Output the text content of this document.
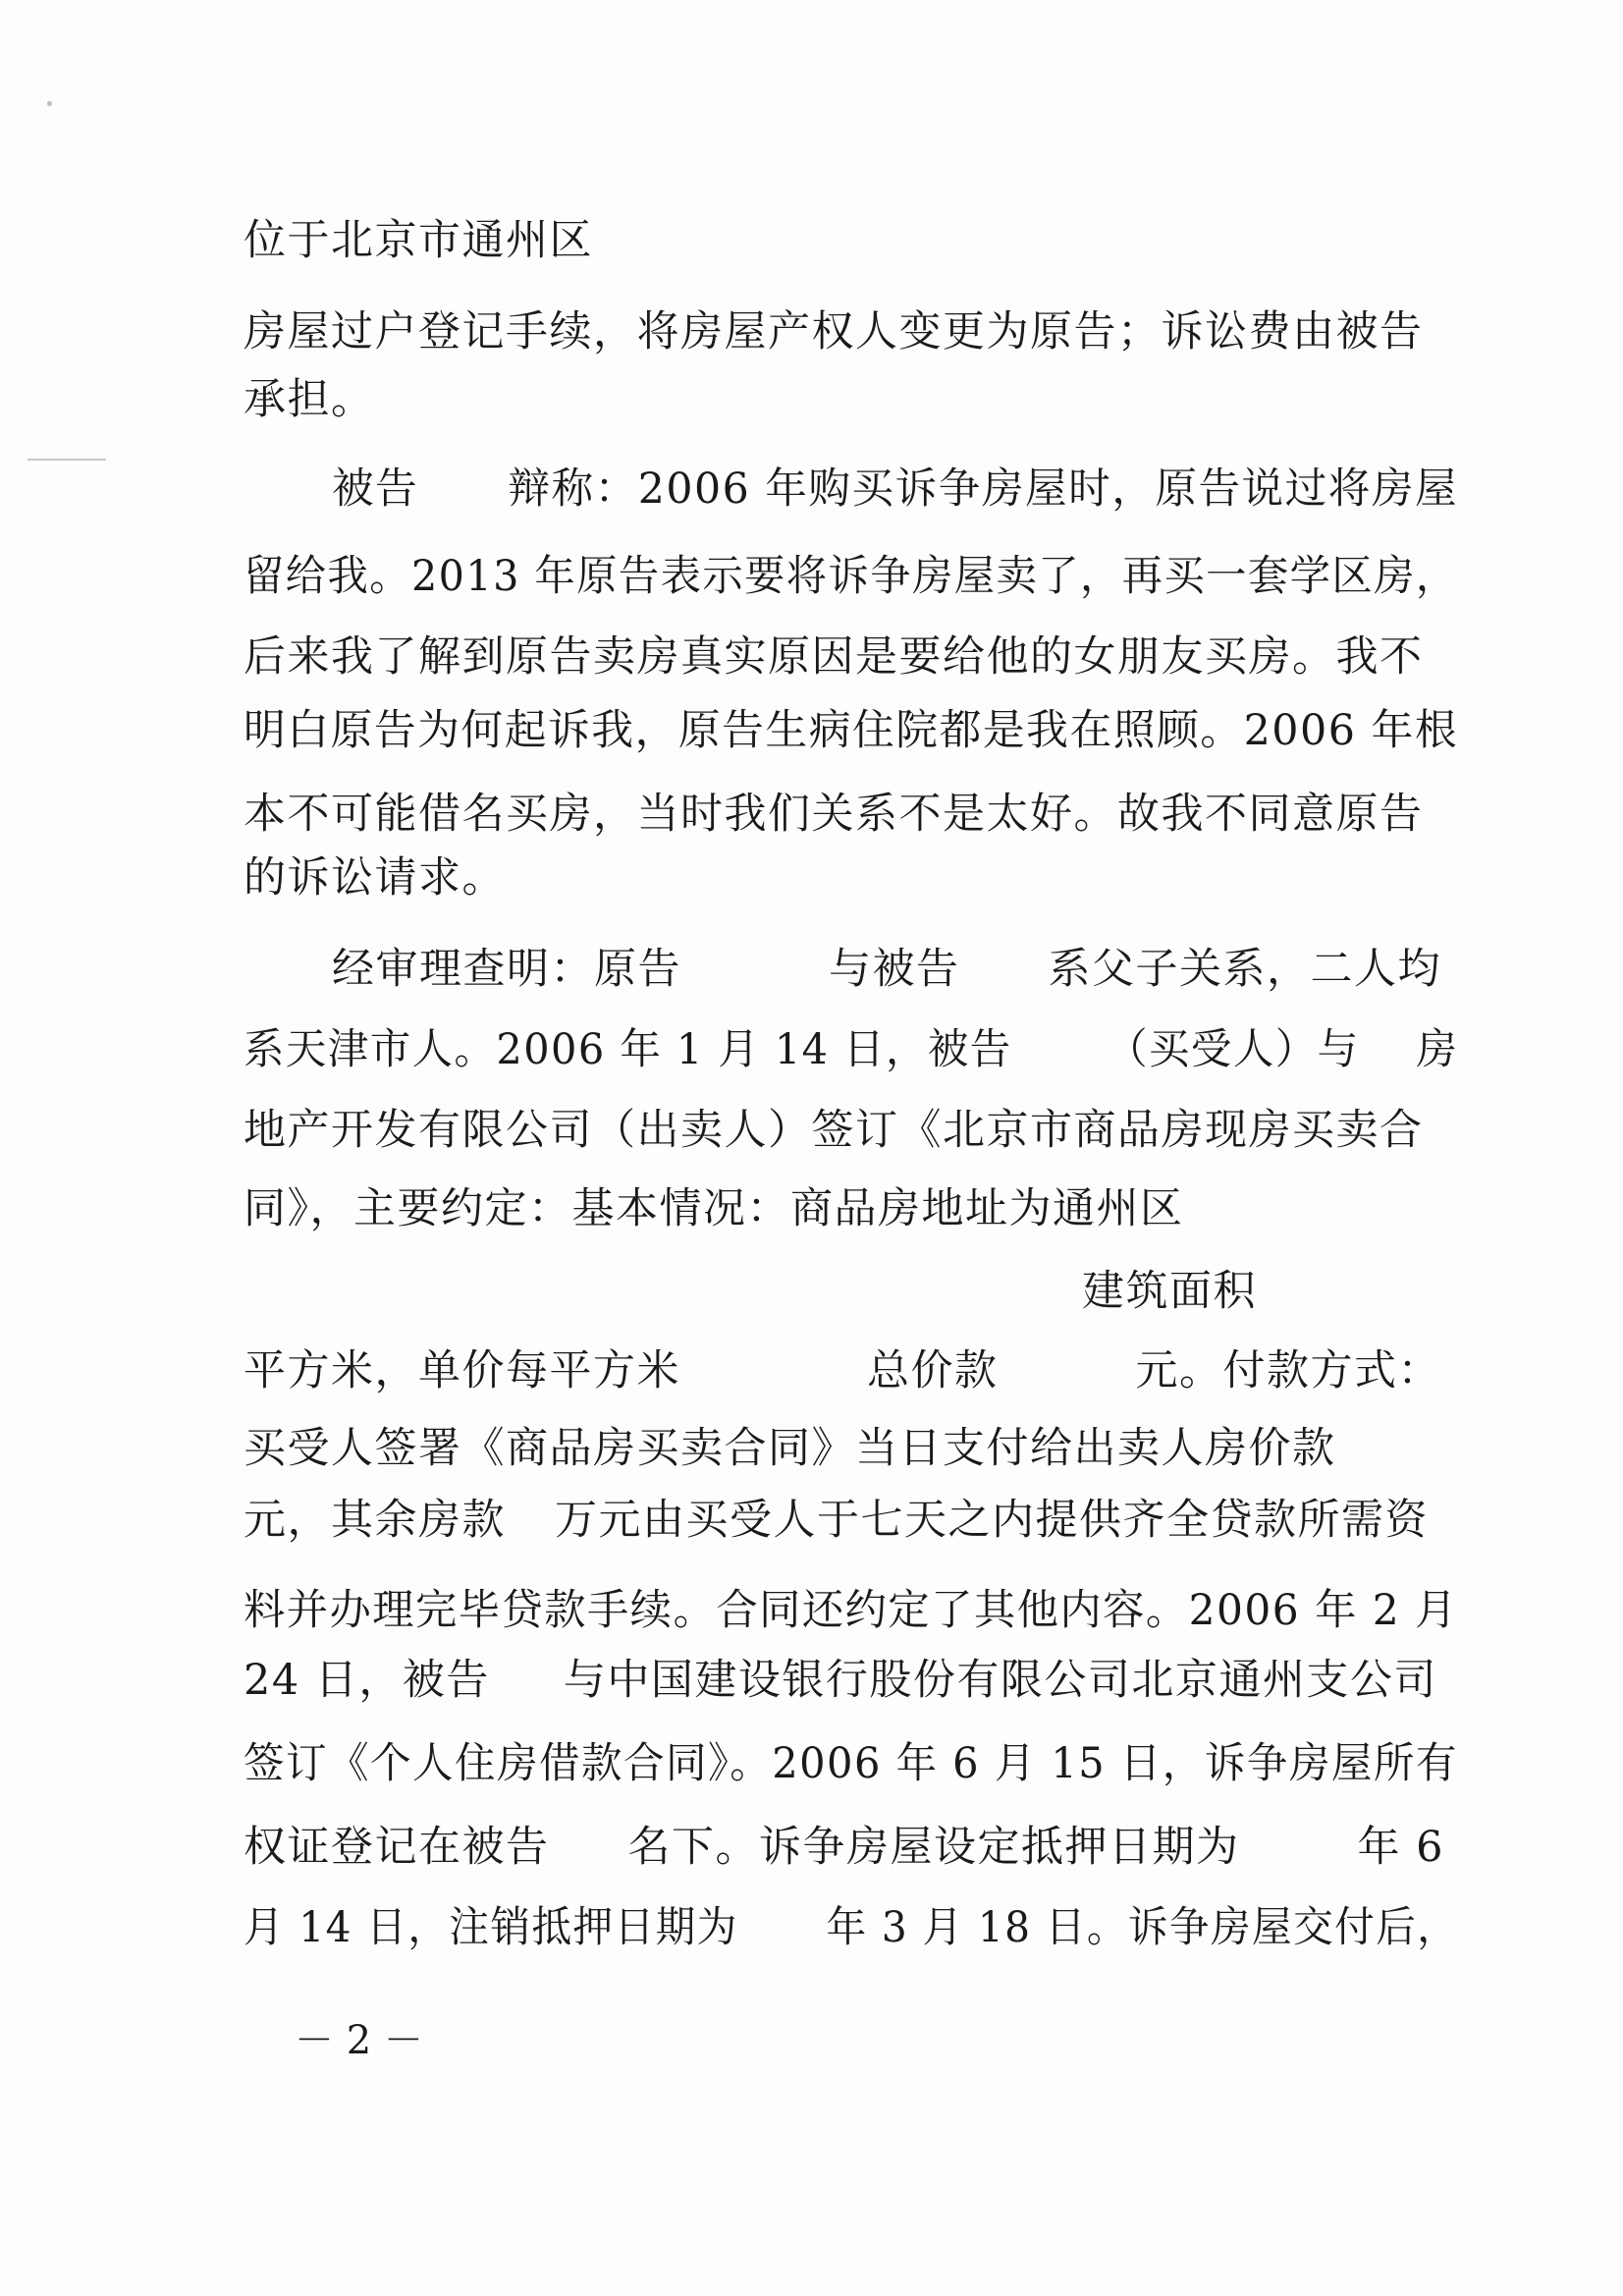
位于北京市通州区
房屋过户登记手续，将房屋产权人变更为原告；诉讼费由被告
承担。
被告 辩称：2006 年购买诉争房屋时，原告说过将房屋
留给我。2013 年原告表示要将诉争房屋卖了，再买一套学区房，
后来我了解到原告卖房真实原因是要给他的女朋友买房。我不
明白原告为何起诉我，原告生病住院都是我在照顾。2006 年根
本不可能借名买房，当时我们关系不是太好。故我不同意原告
的诉讼请求。
经审理查明：原告	与被告 系父子关系，二人均
系天津市人。2006 年 1 月 14 日，被告 （买受人）与 房
地产开发有限公司（出卖人）签订《北京市商品房现房买卖合
同》，主要约定：基本情况：商品房地址为通州区
建筑面积
平方米，单价每平方米	总价款	元。付款方式：
买受人签署《商品房买卖合同》当日支付给出卖人房价款
元，其余房款 万元由买受人于七天之内提供齐全贷款所需资
料并办理完毕贷款手续。合同还约定了其他内容。2006 年 2 月
24 日，被告 与中国建设银行股份有限公司北京通州支公司
签订《个人住房借款合同》。2006 年 6 月 15 日，诉争房屋所有
权证登记在被告 名下。诉争房屋设定抵押日期为	年 6
月 14 日，注销抵押日期为 年 3 月 18 日。诉争房屋交付后，
－ 2 －
